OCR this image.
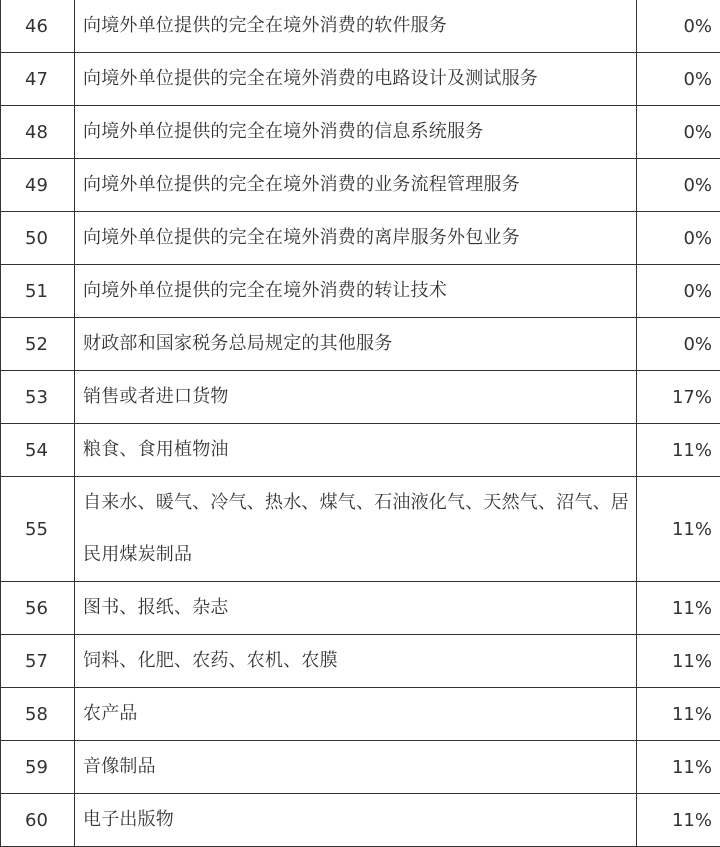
46	向境外单位提供的完全在境外消费的软件服务	0%
47	向境外单位提供的完全在境外消费的电路设计及测试服务	0%
48	向境外单位提供的完全在境外消费的信息系统服务	0%
49	向境外单位提供的完全在境外消费的业务流程管理服务	0%
50	向境外单位提供的完全在境外消费的离岸服务外包业务	0%
51	向境外单位提供的完全在境外消费的转让技术	0%
52	财政部和国家税务总局规定的其他服务	0%
53	销售或者进口货物	17%
54	粮食、食用植物油	11%
55	自来水、暖气、冷气、热水、煤气、石油液化气、天然气、沼气、居民用煤炭制品	11%
56	图书、报纸、杂志	11%
57	饲料、化肥、农药、农机、农膜	11%
58	农产品	11%
59	音像制品	11%
60	电子出版物	11%
